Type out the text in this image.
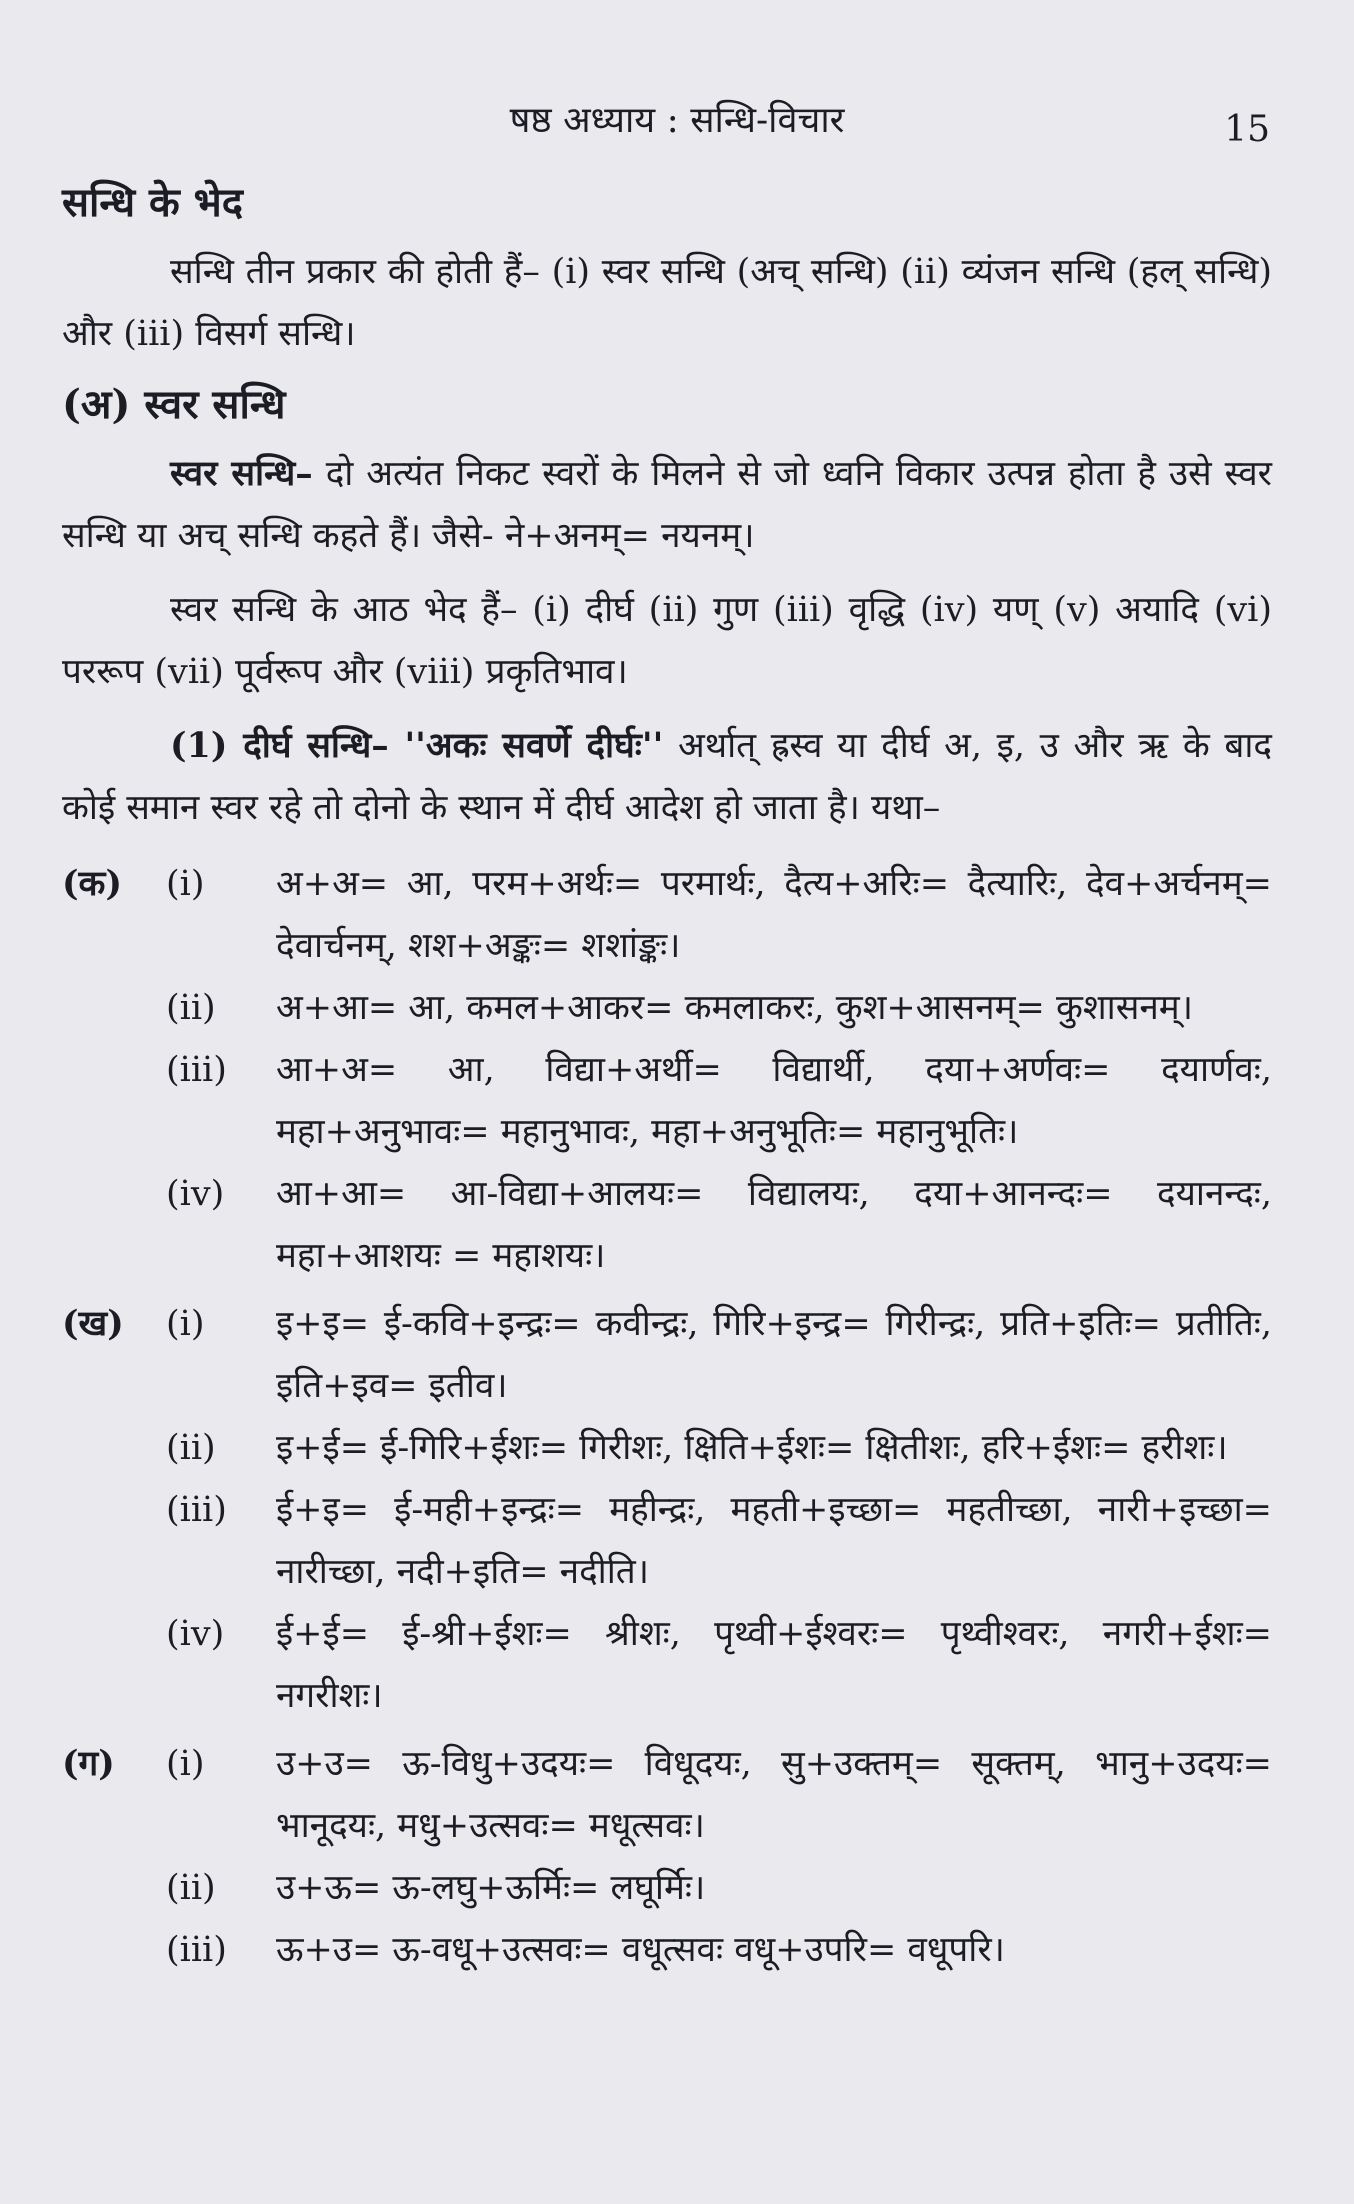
षष्ठ अध्याय : सन्धि-विचार	15
सन्धि के भेद

सन्धि तीन प्रकार की होती हैं– (i) स्वर सन्धि (अच् सन्धि) (ii) व्यंजन सन्धि (हल् सन्धि) और (iii) विसर्ग सन्धि।

(अ) स्वर सन्धि

स्वर सन्धि– दो अत्यंत निकट स्वरों के मिलने से जो ध्वनि विकार उत्पन्न होता है उसे स्वर सन्धि या अच् सन्धि कहते हैं। जैसे- ने+अनम्= नयनम्।

स्वर सन्धि के आठ भेद हैं– (i) दीर्घ (ii) गुण (iii) वृद्धि (iv) यण् (v) अयादि (vi) पररूप (vii) पूर्वरूप और (viii) प्रकृतिभाव।

(1) दीर्घ सन्धि– ''अकः सवर्णे दीर्घः'' अर्थात् ह्रस्व या दीर्घ अ, इ, उ और ऋ के बाद कोई समान स्वर रहे तो दोनो के स्थान में दीर्घ आदेश हो जाता है। यथा–

(क)	(i)	अ+अ= आ, परम+अर्थः= परमार्थः, दैत्य+अरिः= दैत्यारिः, देव+अर्चनम्= देवार्चनम्, शश+अङ्कः= शशांङ्कः।
(ii)	अ+आ= आ, कमल+आकर= कमलाकरः, कुश+आसनम्= कुशासनम्।
(iii)	आ+अ= आ, विद्या+अर्थी= विद्यार्थी, दया+अर्णवः= दयार्णवः, महा+अनुभावः= महानुभावः, महा+अनुभूतिः= महानुभूतिः।
(iv)	आ+आ= आ-विद्या+आलयः= विद्यालयः, दया+आनन्दः= दयानन्दः, महा+आशयः = महाशयः।
(ख)	(i)	इ+इ= ई-कवि+इन्द्रः= कवीन्द्रः, गिरि+इन्द्र= गिरीन्द्रः, प्रति+इतिः= प्रतीतिः, इति+इव= इतीव।
(ii)	इ+ई= ई-गिरि+ईशः= गिरीशः, क्षिति+ईशः= क्षितीशः, हरि+ईशः= हरीशः।
(iii)	ई+इ= ई-मही+इन्द्रः= महीन्द्रः, महती+इच्छा= महतीच्छा, नारी+इच्छा= नारीच्छा, नदी+इति= नदीति।
(iv)	ई+ई= ई-श्री+ईशः= श्रीशः, पृथ्वी+ईश्वरः= पृथ्वीश्वरः, नगरी+ईशः= नगरीशः।
(ग)	(i)	उ+उ= ऊ-विधु+उदयः= विधूदयः, सु+उक्तम्= सूक्तम्, भानु+उदयः= भानूदयः, मधु+उत्सवः= मधूत्सवः।
(ii)	उ+ऊ= ऊ-लघु+ऊर्मिः= लघूर्मिः।
(iii)	ऊ+उ= ऊ-वधू+उत्सवः= वधूत्सवः वधू+उपरि= वधूपरि।
